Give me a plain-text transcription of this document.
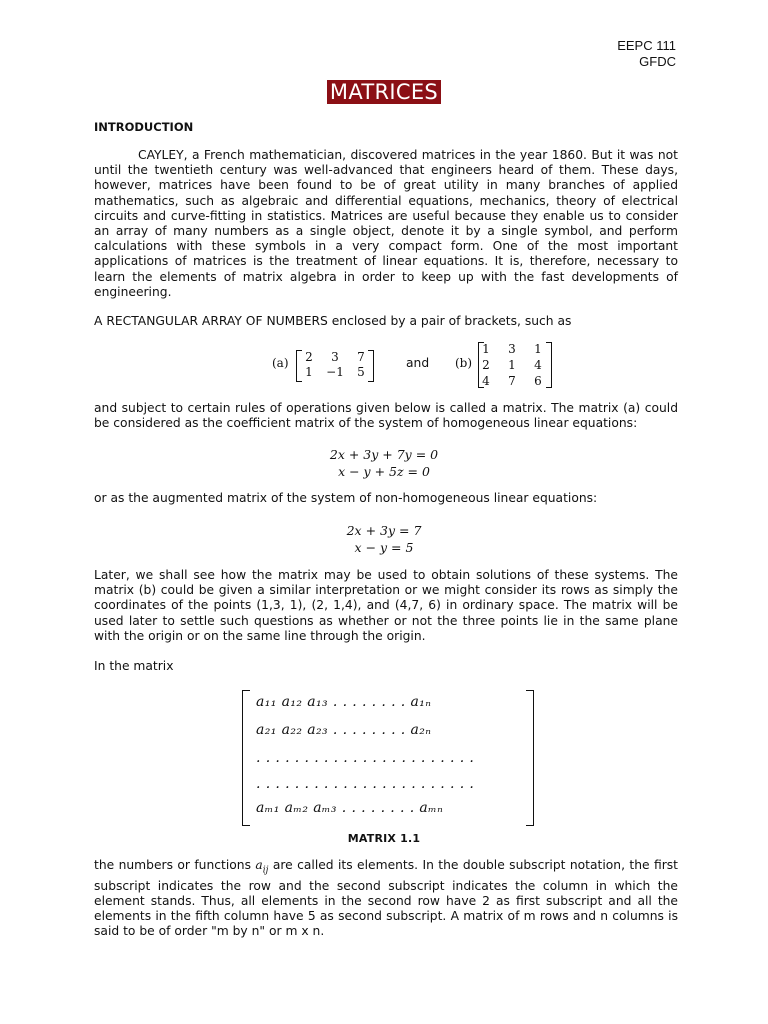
EEPC 111
GFDC
MATRICES
INTRODUCTION
CAYLEY, a French mathematician, discovered matrices in the year 1860. But it was not until the twentieth century was well-advanced that engineers heard of them. These days, however, matrices have been found to be of great utility in many branches of applied mathematics, such as algebraic and differential equations, mechanics, theory of electrical circuits and curve-fitting in statistics. Matrices are useful because they enable us to consider an array of many numbers as a single object, denote it by a single symbol, and perform calculations with these symbols in a very compact form. One of the most important applications of matrices is the treatment of linear equations. It is, therefore, necessary to learn the elements of matrix algebra in order to keep up with the fast developments of engineering.
A RECTANGULAR ARRAY OF NUMBERS enclosed by a pair of brackets, such as
(a)	2	3	7
1	−1	5
and (b)
1	3	1
2	1	4
4	7	6
and subject to certain rules of operations given below is called a matrix. The matrix (a) could be considered as the coefficient matrix of the system of homogeneous linear equations:
2x + 3y + 7y = 0
x − y + 5z = 0
or as the augmented matrix of the system of non-homogeneous linear equations:
2x + 3y = 7
x − y = 5
Later, we shall see how the matrix may be used to obtain solutions of these systems. The matrix (b) could be given a similar interpretation or we might consider its rows as simply the coordinates of the points (1,3, 1), (2, 1,4), and (4,7, 6) in ordinary space. The matrix will be used later to settle such questions as whether or not the three points lie in the same plane with the origin or on the same line through the origin.
In the matrix
a₁₁ a₁₂ a₁₃ . . . . . . . . a₁ₙ
a₂₁ a₂₂ a₂₃ . . . . . . . . a₂ₙ
. . . . . . . . . . . . . . . . . . . . . . .
. . . . . . . . . . . . . . . . . . . . . . .
aₘ₁ aₘ₂ aₘ₃ . . . . . . . . aₘₙ
MATRIX 1.1
the numbers or functions $a_{ij}$ are called its elements. In the double subscript notation, the first subscript indicates the row and the second subscript indicates the column in which the element stands. Thus, all elements in the second row have 2 as first subscript and all the elements in the fifth column have 5 as second subscript. A matrix of m rows and n columns is said to be of order "m by n" or m x n.
